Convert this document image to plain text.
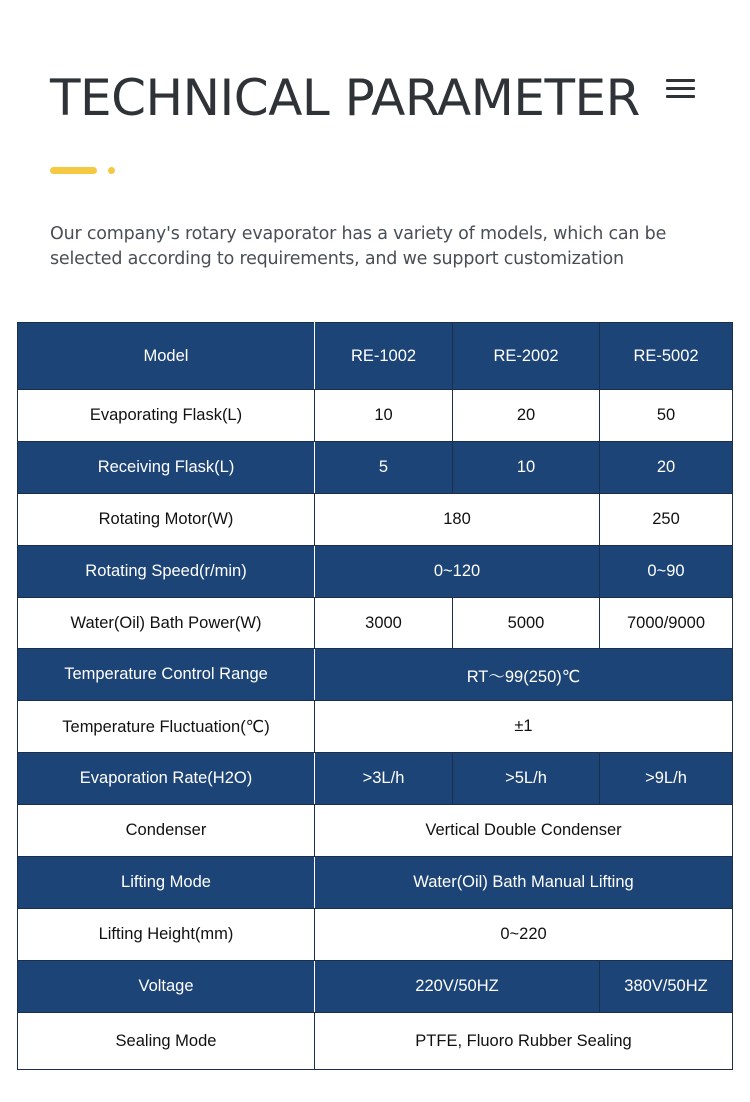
TECHNICAL PARAMETER

Our company's rotary evaporator has a variety of models, which can be selected according to requirements, and we support customization

Model	RE-1002	RE-2002	RE-5002
Evaporating Flask(L)	10	20	50
Receiving Flask(L)	5	10	20
Rotating Motor(W)	180		250
Rotating Speed(r/min)	0~120		0~90
Water(Oil) Bath Power(W)	3000	5000	7000/9000
Temperature Control Range	RT～99(250)℃		
Temperature Fluctuation(℃)	±1		
Evaporation Rate(H2O)	>3L/h	>5L/h	>9L/h
Condenser	Vertical Double Condenser		
Lifting Mode	Water(Oil) Bath Manual Lifting		
Lifting Height(mm)	0~220		
Voltage	220V/50HZ		380V/50HZ
Sealing Mode	PTFE, Fluoro Rubber Sealing		
